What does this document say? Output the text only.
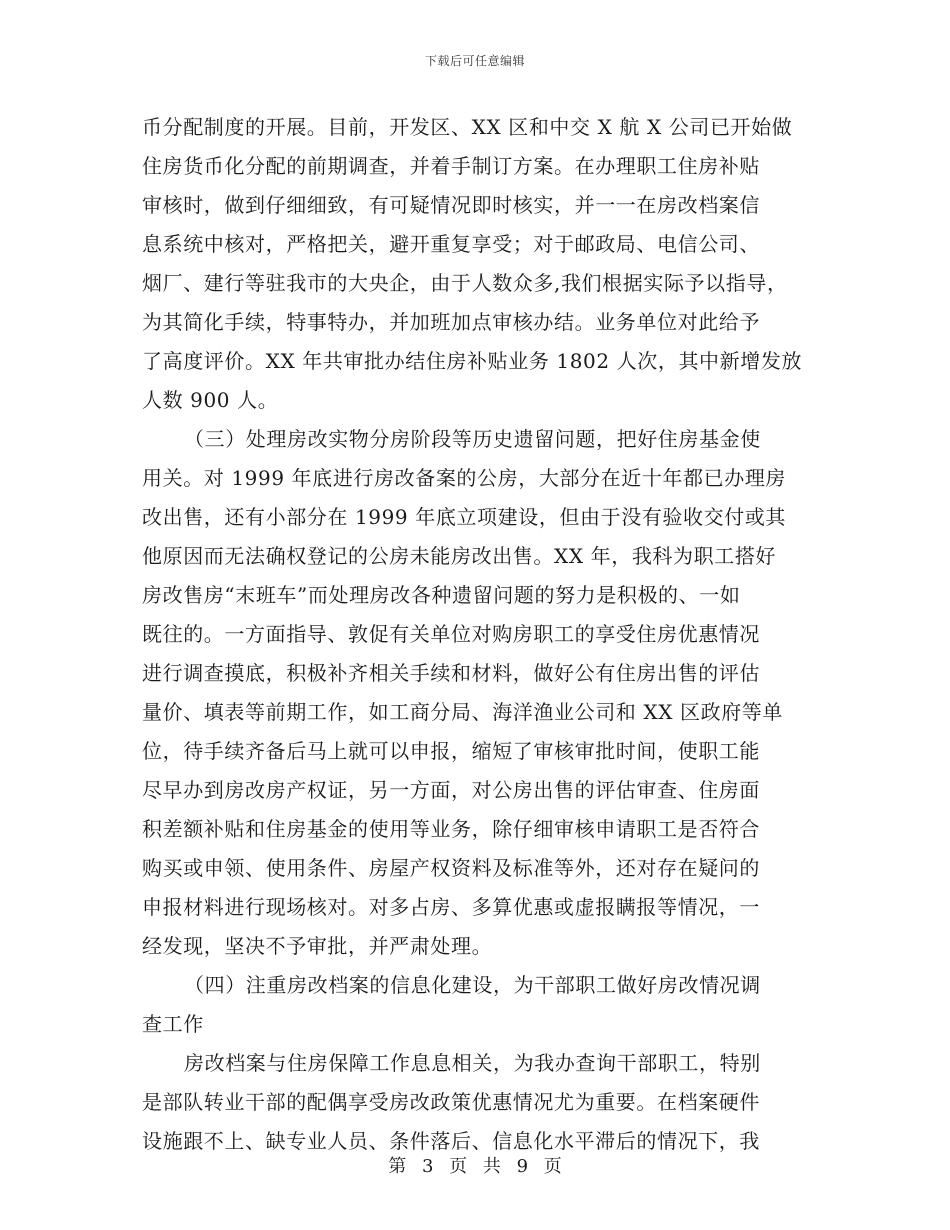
下载后可任意编辑
币分配制度的开展。目前，开发区、XX 区和中交 X 航 X 公司已开始做
住房货币化分配的前期调查，并着手制订方案。在办理职工住房补贴
审核时，做到仔细细致，有可疑情况即时核实，并一一在房改档案信
息系统中核对，严格把关，避开重复享受；对于邮政局、电信公司、
烟厂、建行等驻我市的大央企，由于人数众多,我们根据实际予以指导，
为其简化手续，特事特办，并加班加点审核办结。业务单位对此给予
了高度评价。XX 年共审批办结住房补贴业务 1802 人次，其中新增发放
人数 900 人。
（三）处理房改实物分房阶段等历史遗留问题，把好住房基金使
用关。对 1999 年底进行房改备案的公房，大部分在近十年都已办理房
改出售，还有小部分在 1999 年底立项建设，但由于没有验收交付或其
他原因而无法确权登记的公房未能房改出售。XX 年，我科为职工搭好
房改售房“末班车”而处理房改各种遗留问题的努力是积极的、一如
既往的。一方面指导、敦促有关单位对购房职工的享受住房优惠情况
进行调查摸底，积极补齐相关手续和材料，做好公有住房出售的评估
量价、填表等前期工作，如工商分局、海洋渔业公司和 XX 区政府等单
位，待手续齐备后马上就可以申报，缩短了审核审批时间，使职工能
尽早办到房改房产权证，另一方面，对公房出售的评估审查、住房面
积差额补贴和住房基金的使用等业务，除仔细审核申请职工是否符合
购买或申领、使用条件、房屋产权资料及标准等外，还对存在疑问的
申报材料进行现场核对。对多占房、多算优惠或虚报瞒报等情况，一
经发现，坚决不予审批，并严肃处理。
（四）注重房改档案的信息化建设，为干部职工做好房改情况调
查工作
房改档案与住房保障工作息息相关，为我办查询干部职工，特别
是部队转业干部的配偶享受房改政策优惠情况尤为重要。在档案硬件
设施跟不上、缺专业人员、条件落后、信息化水平滞后的情况下，我
第 3 页 共 9 页
